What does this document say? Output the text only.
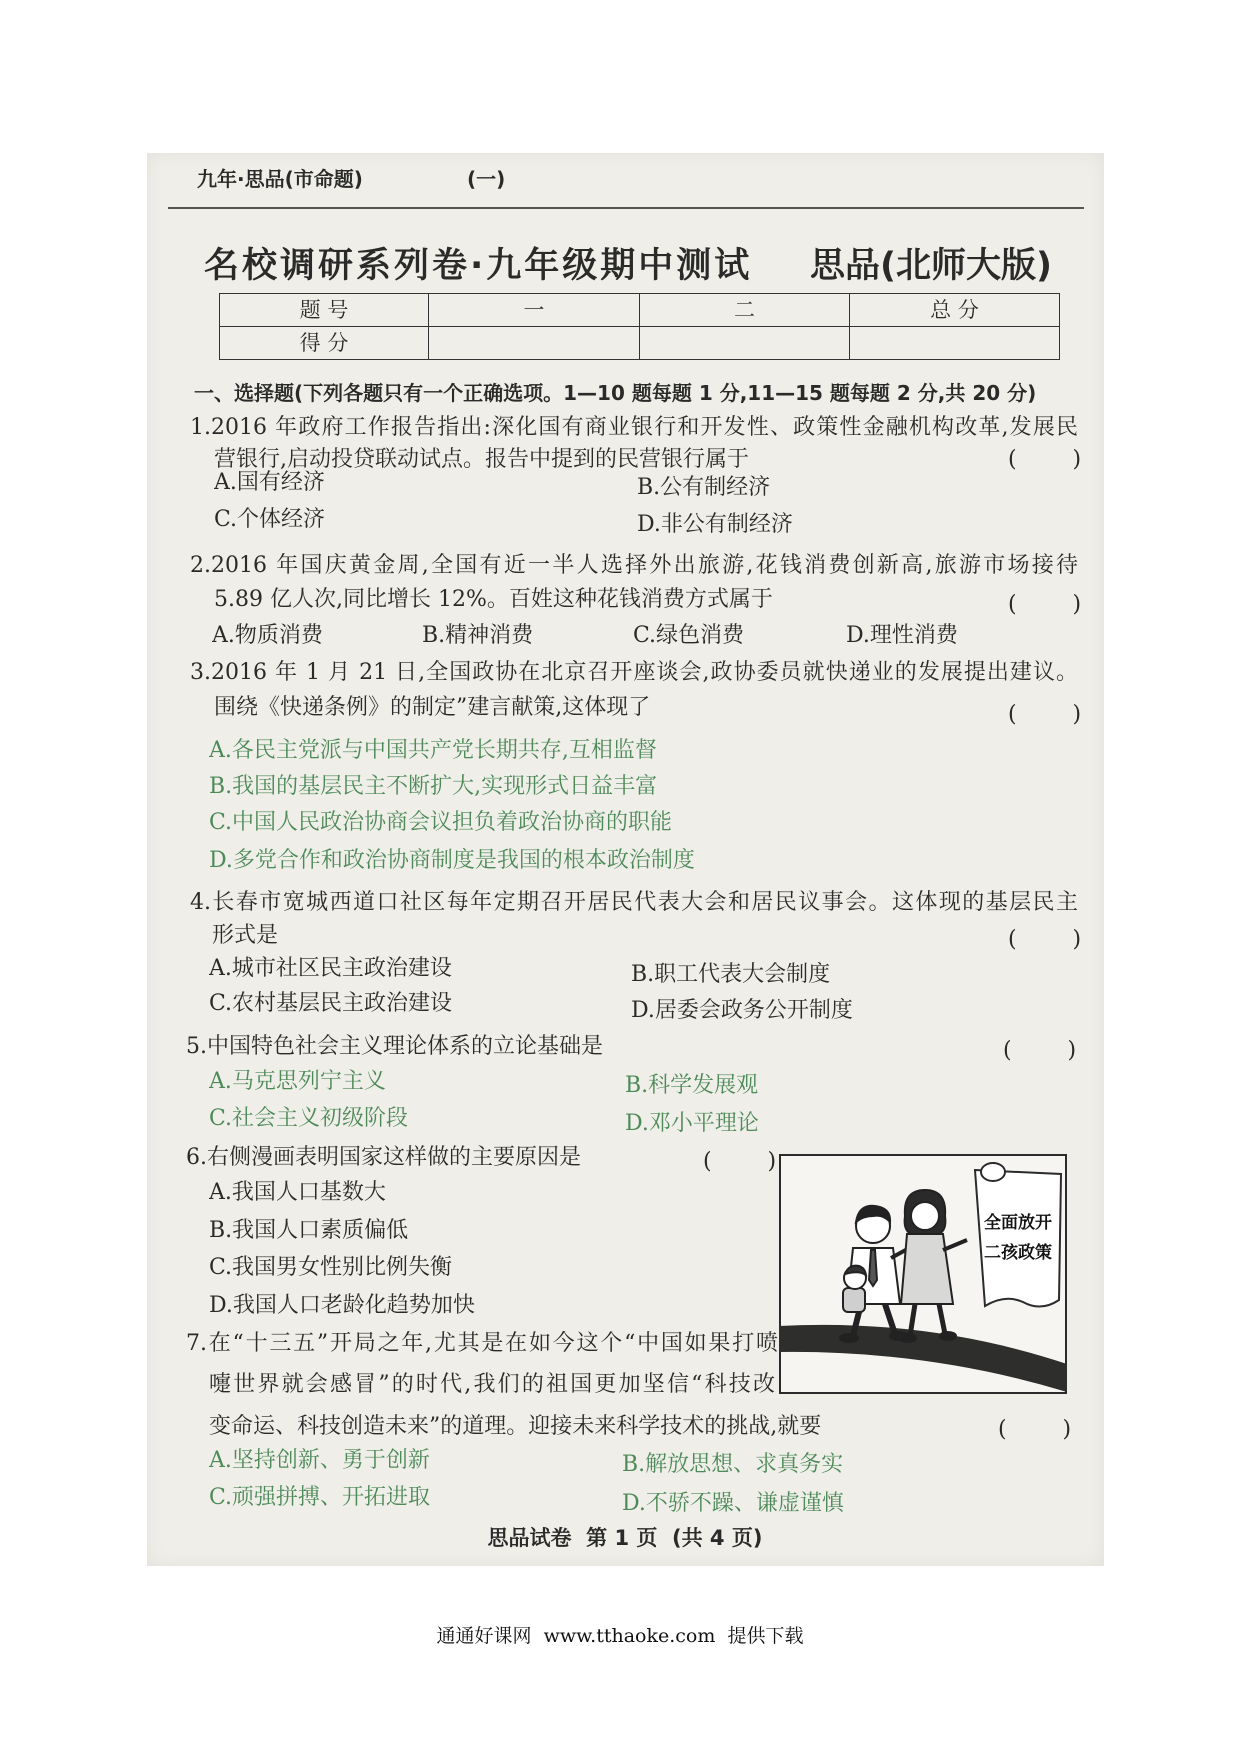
九年·思品(市命题)	(一)
名校调研系列卷·九年级期中测试	思品(北师大版)
题 号	一	二	总 分
得 分			
一、选择题(下列各题只有一个正确选项。1—10 题每题 1 分,11—15 题每题 2 分,共 20 分)
1.2016 年政府工作报告指出:深化国有商业银行和开发性、政策性金融机构改革,发展民
营银行,启动投贷联动试点。报告中提到的民营银行属于	(        )
A.国有经济	B.公有制经济
C.个体经济	D.非公有制经济
2.2016 年国庆黄金周,全国有近一半人选择外出旅游,花钱消费创新高,旅游市场接待
5.89 亿人次,同比增长 12%。百姓这种花钱消费方式属于	(        )
A.物质消费	B.精神消费	C.绿色消费	D.理性消费
3.2016 年 1 月 21 日,全国政协在北京召开座谈会,政协委员就快递业的发展提出建议。
围绕《快递条例》的制定”建言献策,这体现了	(        )
A.各民主党派与中国共产党长期共存,互相监督
B.我国的基层民主不断扩大,实现形式日益丰富
C.中国人民政治协商会议担负着政治协商的职能
D.多党合作和政治协商制度是我国的根本政治制度
4.长春市宽城西道口社区每年定期召开居民代表大会和居民议事会。这体现的基层民主
形式是	(        )
A.城市社区民主政治建设	B.职工代表大会制度
C.农村基层民主政治建设	D.居委会政务公开制度
5.中国特色社会主义理论体系的立论基础是	(        )
A.马克思列宁主义	B.科学发展观
C.社会主义初级阶段	D.邓小平理论
6.右侧漫画表明国家这样做的主要原因是	(        )
A.我国人口基数大
B.我国人口素质偏低
C.我国男女性别比例失衡
D.我国人口老龄化趋势加快
全面放开
二孩政策
7.在“十三五”开局之年,尤其是在如今这个“中国如果打喷
嚏世界就会感冒”的时代,我们的祖国更加坚信“科技改
变命运、科技创造未来”的道理。迎接未来科学技术的挑战,就要	(        )
A.坚持创新、勇于创新	B.解放思想、求真务实
C.顽强拼搏、开拓进取	D.不骄不躁、谦虚谨慎
思品试卷  第 1 页  (共 4 页)
通通好课网  www.tthaoke.com  提供下载
